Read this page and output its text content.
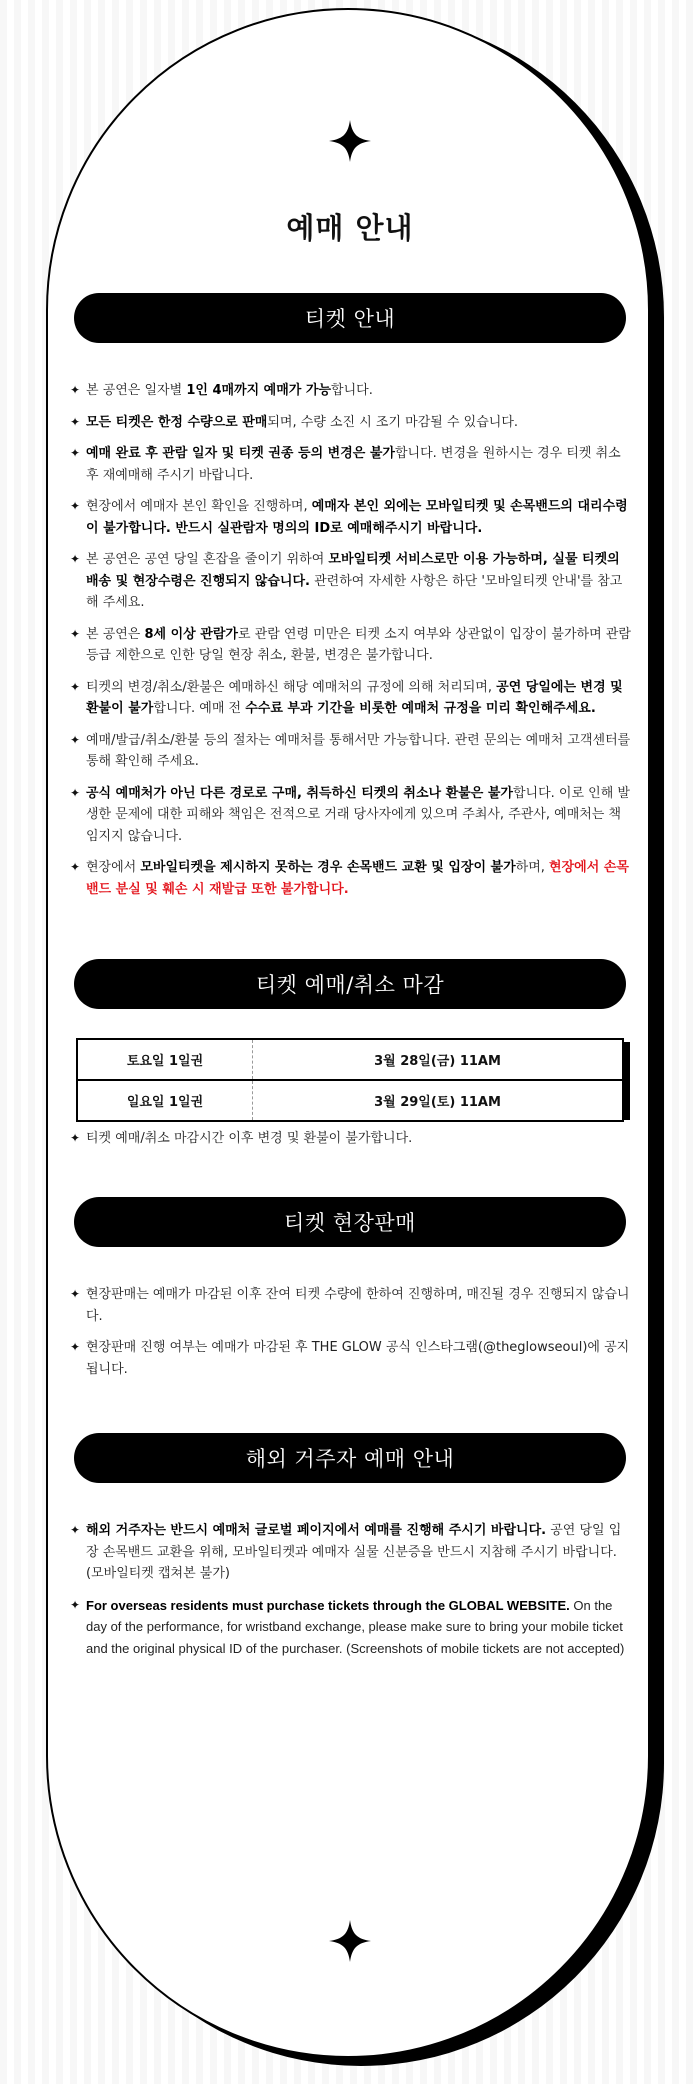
예매 안내
티켓 안내
✦ 본 공연은 일자별 1인 4매까지 예매가 가능합니다.
✦ 모든 티켓은 한정 수량으로 판매되며, 수량 소진 시 조기 마감될 수 있습니다.
✦ 예매 완료 후 관람 일자 및 티켓 권종 등의 변경은 불가합니다. 변경을 원하시는 경우 티켓 취소 후 재예매해 주시기 바랍니다.
✦ 현장에서 예매자 본인 확인을 진행하며, 예매자 본인 외에는 모바일티켓 및 손목밴드의 대리수령이 불가합니다. 반드시 실관람자 명의의 ID로 예매해주시기 바랍니다.
✦ 본 공연은 공연 당일 혼잡을 줄이기 위하여 모바일티켓 서비스로만 이용 가능하며, 실물 티켓의 배송 및 현장수령은 진행되지 않습니다. 관련하여 자세한 사항은 하단 '모바일티켓 안내'를 참고해 주세요.
✦ 본 공연은 8세 이상 관람가로 관람 연령 미만은 티켓 소지 여부와 상관없이 입장이 불가하며 관람 등급 제한으로 인한 당일 현장 취소, 환불, 변경은 불가합니다.
✦ 티켓의 변경/취소/환불은 예매하신 해당 예매처의 규정에 의해 처리되며, 공연 당일에는 변경 및 환불이 불가합니다. 예매 전 수수료 부과 기간을 비롯한 예매처 규정을 미리 확인해주세요.
✦ 예매/발급/취소/환불 등의 절차는 예매처를 통해서만 가능합니다. 관련 문의는 예매처 고객센터를 통해 확인해 주세요.
✦ 공식 예매처가 아닌 다른 경로로 구매, 취득하신 티켓의 취소나 환불은 불가합니다. 이로 인해 발생한 문제에 대한 피해와 책임은 전적으로 거래 당사자에게 있으며 주최사, 주관사, 예매처는 책임지지 않습니다.
✦ 현장에서 모바일티켓을 제시하지 못하는 경우 손목밴드 교환 및 입장이 불가하며, 현장에서 손목밴드 분실 및 훼손 시 재발급 또한 불가합니다.
티켓 예매/취소 마감
토요일 1일권	3월 28일(금) 11AM
일요일 1일권	3월 29일(토) 11AM
✦ 티켓 예매/취소 마감시간 이후 변경 및 환불이 불가합니다.
티켓 현장판매
✦ 현장판매는 예매가 마감된 이후 잔여 티켓 수량에 한하여 진행하며, 매진될 경우 진행되지 않습니다.
✦ 현장판매 진행 여부는 예매가 마감된 후 THE GLOW 공식 인스타그램(@theglowseoul)에 공지됩니다.
해외 거주자 예매 안내
✦ 해외 거주자는 반드시 예매처 글로벌 페이지에서 예매를 진행해 주시기 바랍니다. 공연 당일 입장 손목밴드 교환을 위해, 모바일티켓과 예매자 실물 신분증을 반드시 지참해 주시기 바랍니다. (모바일티켓 캡쳐본 불가)
✦ For overseas residents must purchase tickets through the GLOBAL WEBSITE. On the day of the performance, for wristband exchange, please make sure to bring your mobile ticket and the original physical ID of the purchaser. (Screenshots of mobile tickets are not accepted)
